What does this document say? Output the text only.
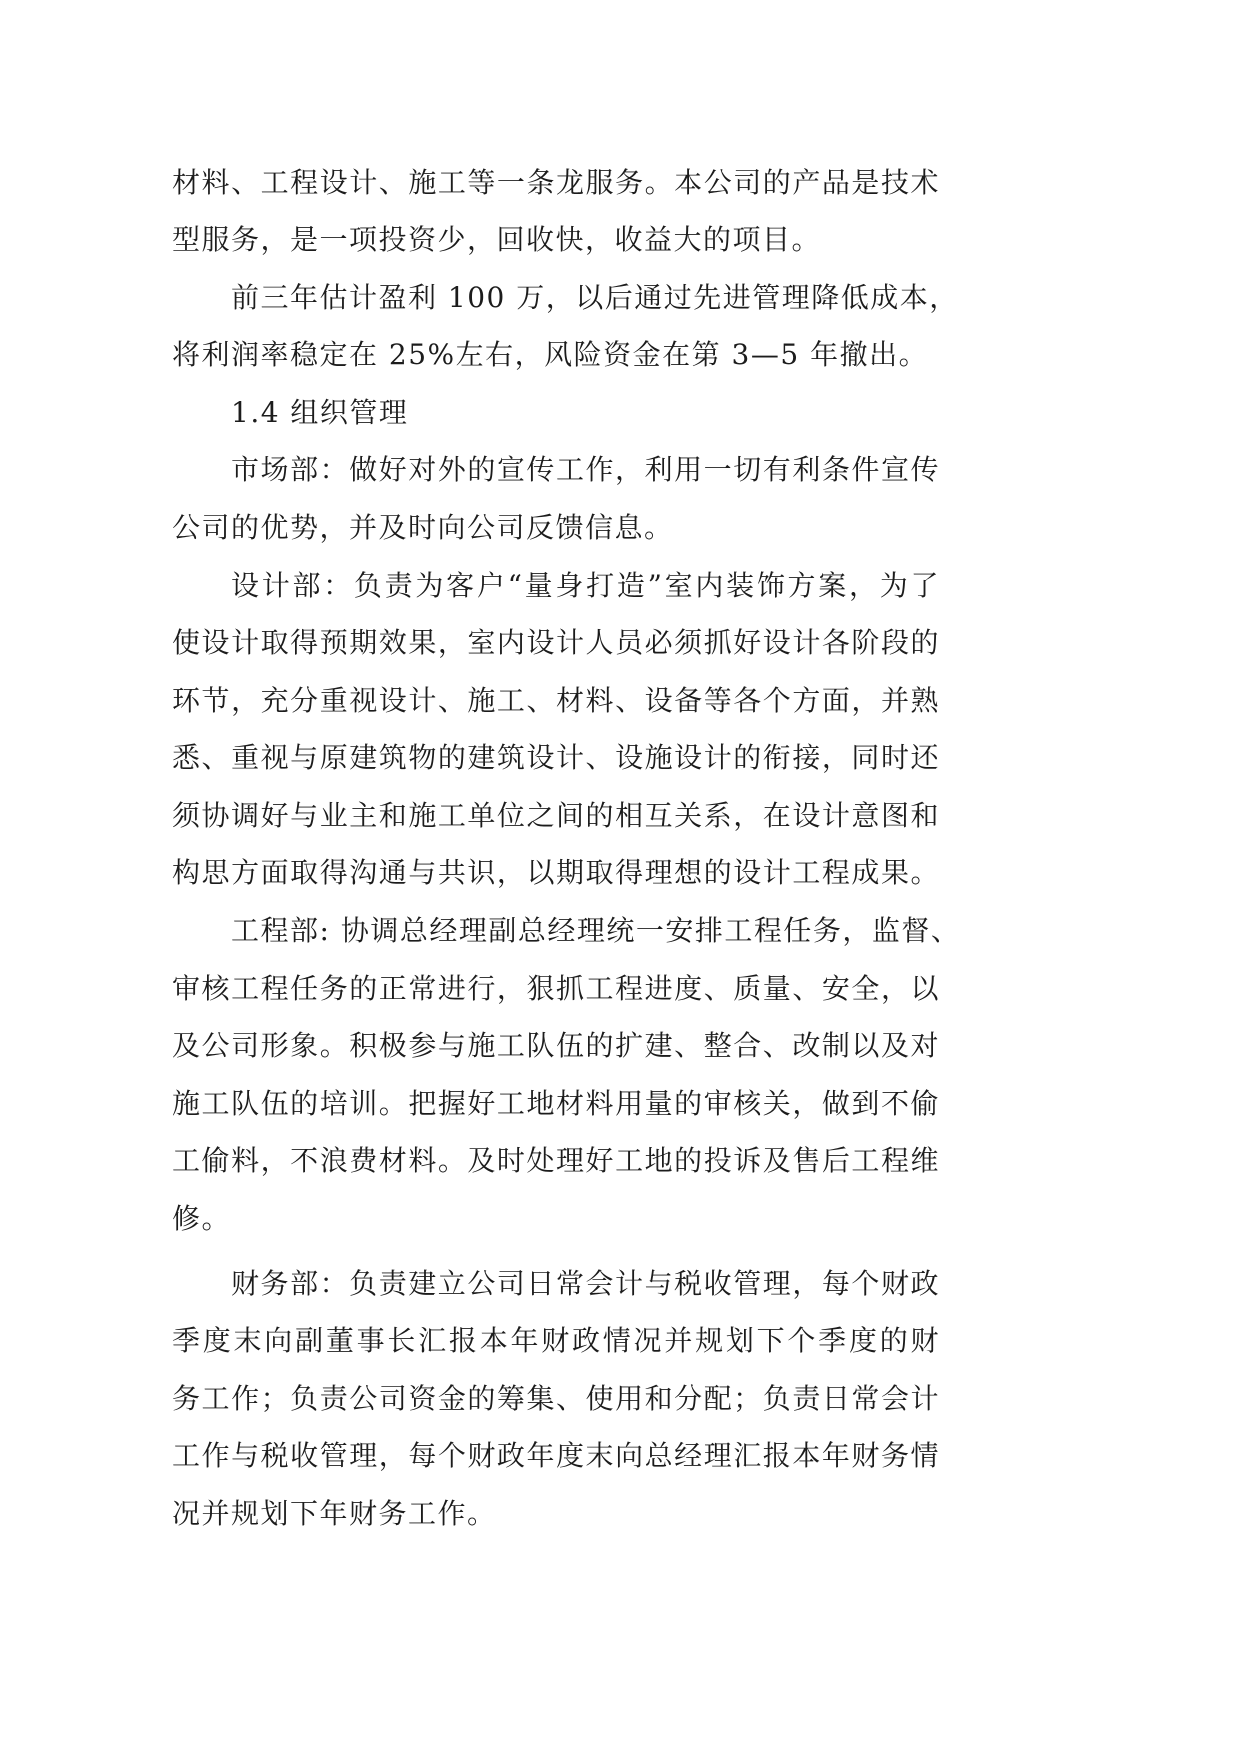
材料、工程设计、施工等一条龙服务。本公司的产品是技术
型服务，是一项投资少，回收快，收益大的项目。
前三年估计盈利 100 万，以后通过先进管理降低成本，
将利润率稳定在 25%左右，风险资金在第 3—5 年撤出。
1.4 组织管理
市场部：做好对外的宣传工作，利用一切有利条件宣传
公司的优势，并及时向公司反馈信息。
设计部：负责为客户“量身打造”室内装饰方案，为了
使设计取得预期效果，室内设计人员必须抓好设计各阶段的
环节，充分重视设计、施工、材料、设备等各个方面，并熟
悉、重视与原建筑物的建筑设计、设施设计的衔接，同时还
须协调好与业主和施工单位之间的相互关系，在设计意图和
构思方面取得沟通与共识，以期取得理想的设计工程成果。
工程部: 协调总经理副总经理统一安排工程任务，监督、
审核工程任务的正常进行，狠抓工程进度、质量、安全，以
及公司形象。积极参与施工队伍的扩建、整合、改制以及对
施工队伍的培训。把握好工地材料用量的审核关，做到不偷
工偷料，不浪费材料。及时处理好工地的投诉及售后工程维
修。
财务部：负责建立公司日常会计与税收管理，每个财政
季度末向副董事长汇报本年财政情况并规划下个季度的财
务工作；负责公司资金的筹集、使用和分配；负责日常会计
工作与税收管理，每个财政年度末向总经理汇报本年财务情
况并规划下年财务工作。
